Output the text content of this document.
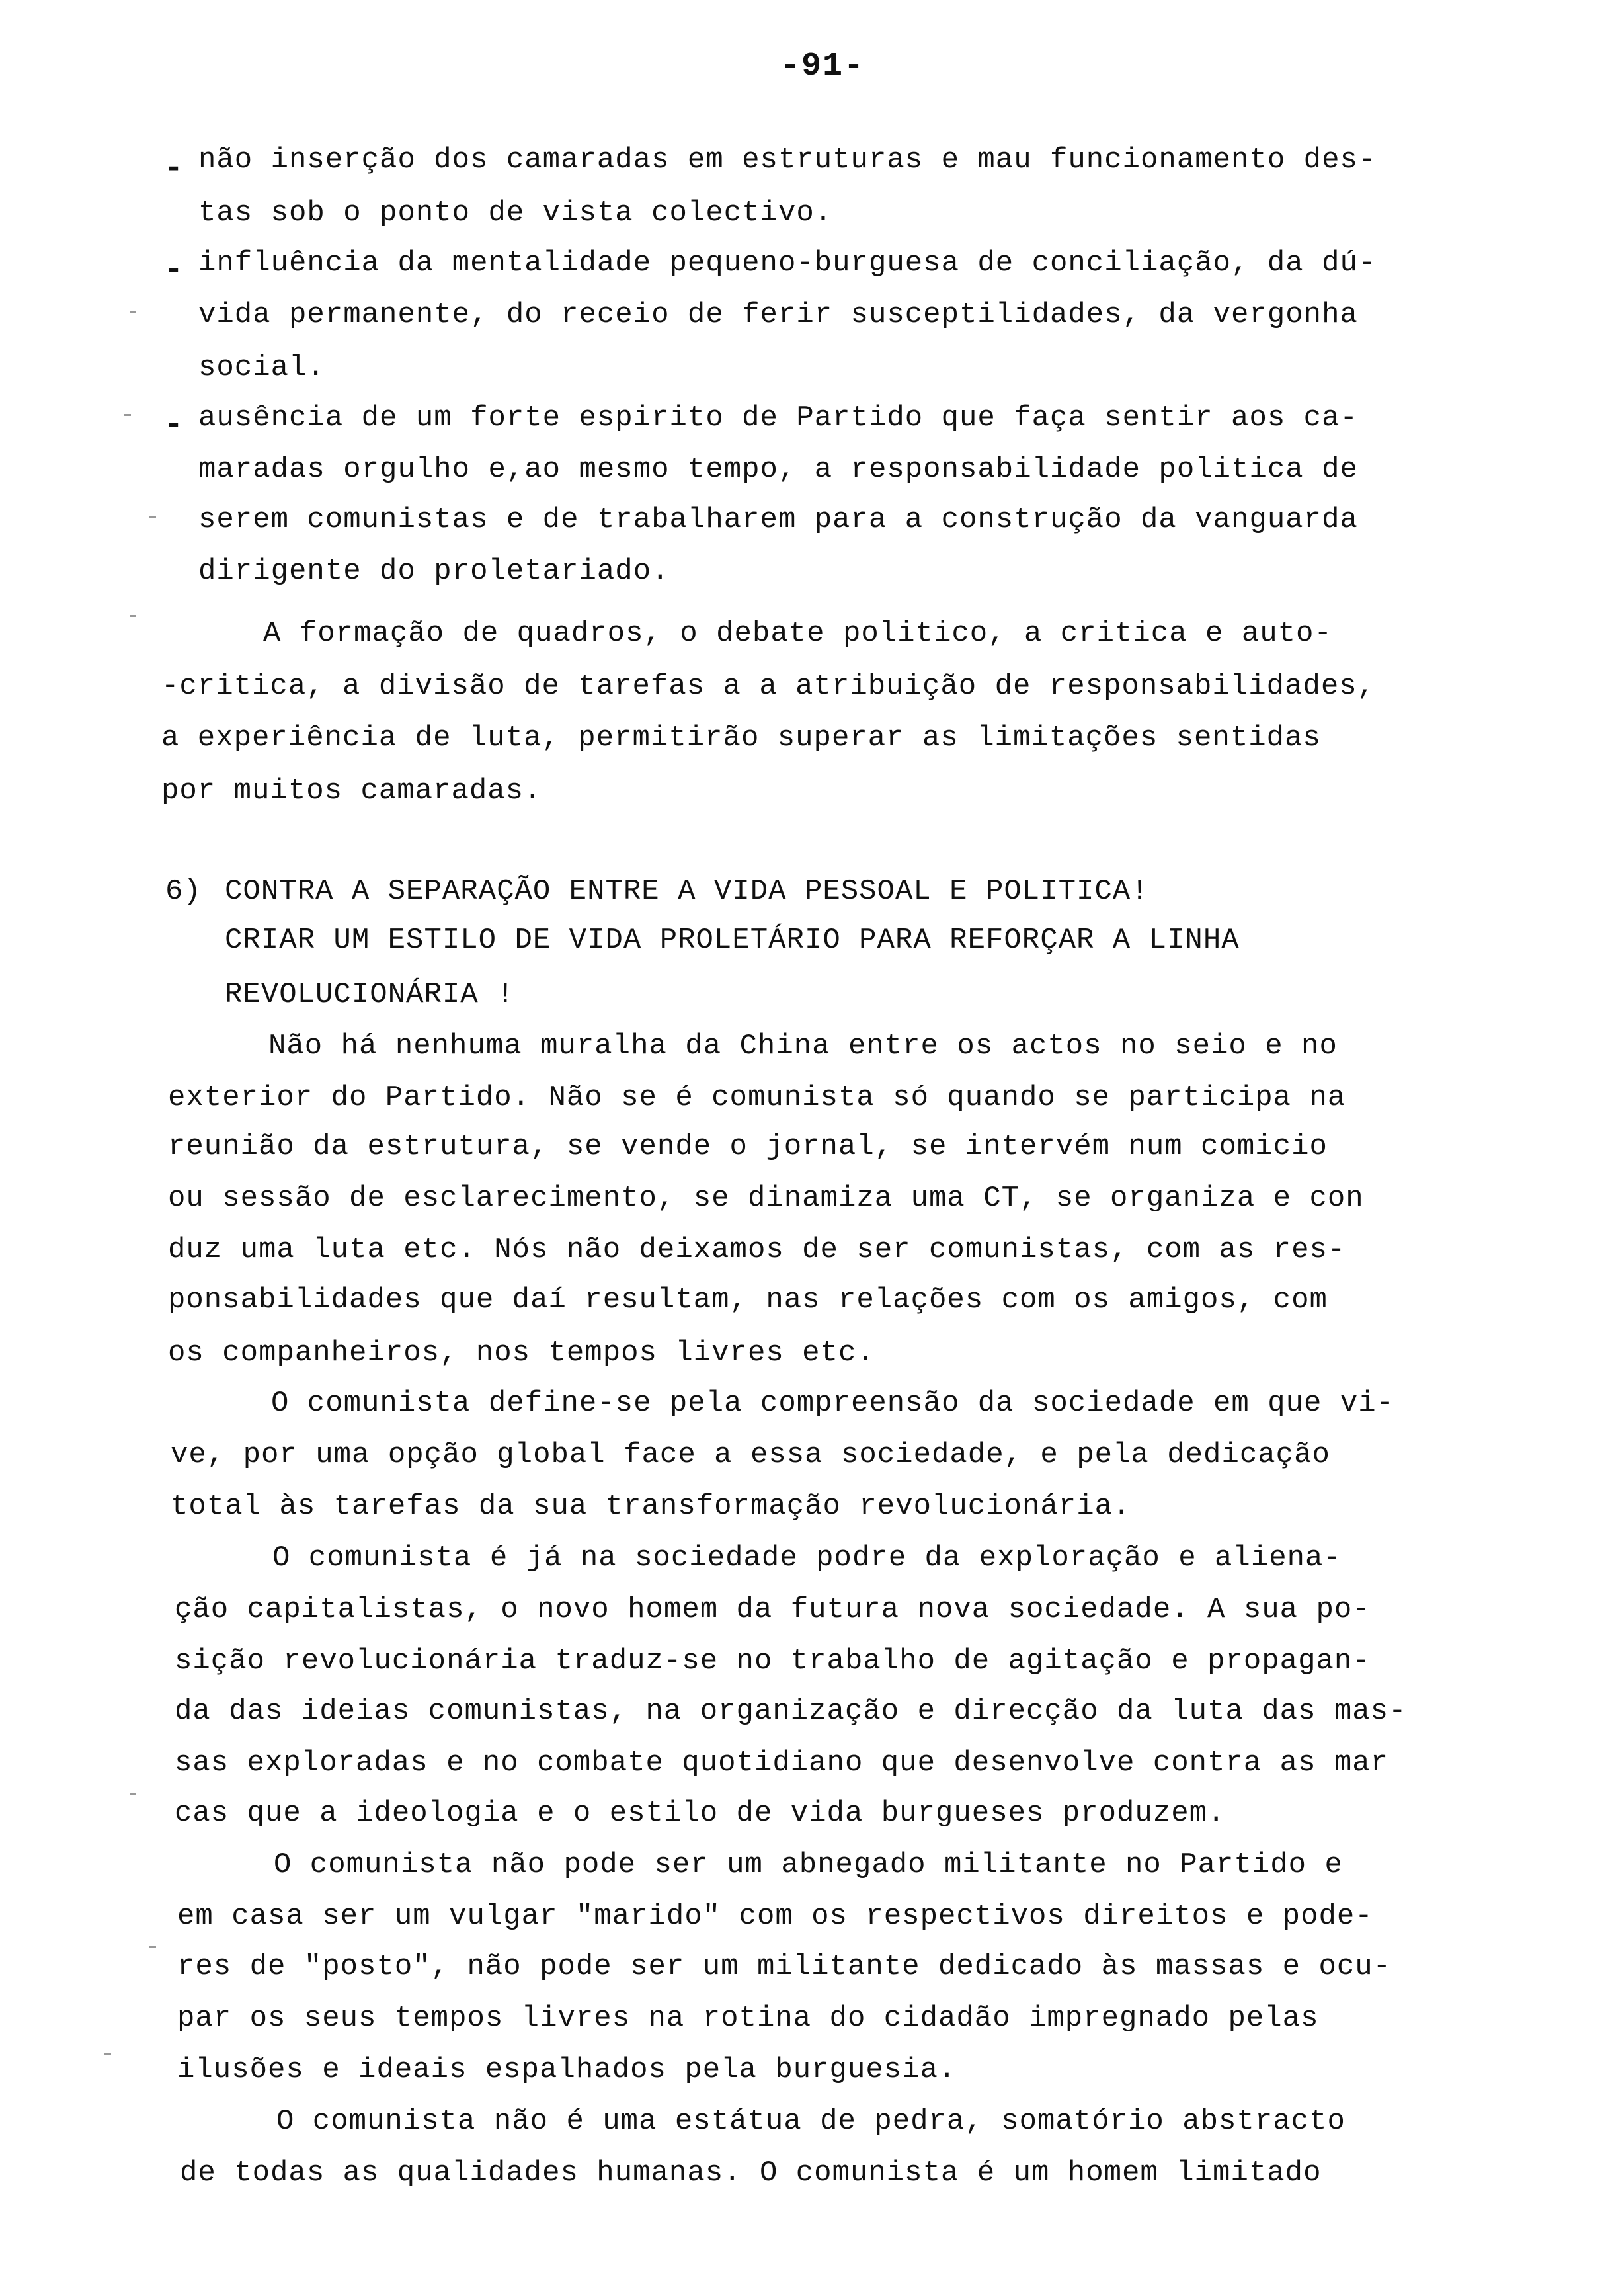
-91-
- não inserção dos camaradas em estruturas e mau funcionamento des-
tas sob o ponto de vista colectivo.
- influência da mentalidade pequeno-burguesa de conciliação, da dú-
vida permanente, do receio de ferir susceptilidades, da vergonha
social.
- ausência de um forte espirito de Partido que faça sentir aos ca-
maradas orgulho e,ao mesmo tempo, a responsabilidade politica de
serem comunistas e de trabalharem para a construção da vanguarda
dirigente do proletariado.
A formação de quadros, o debate politico, a critica e auto-
-critica, a divisão de tarefas a a atribuição de responsabilidades,
a experiência de luta, permitirão superar as limitações sentidas
por muitos camaradas.
6) CONTRA A SEPARAÇÃO ENTRE A VIDA PESSOAL E POLITICA!
CRIAR UM ESTILO DE VIDA PROLETÁRIO PARA REFORÇAR A LINHA
REVOLUCIONÁRIA !
Não há nenhuma muralha da China entre os actos no seio e no
exterior do Partido. Não se é comunista só quando se participa na
reunião da estrutura, se vende o jornal, se intervém num comicio
ou sessão de esclarecimento, se dinamiza uma CT, se organiza e con
duz uma luta etc. Nós não deixamos de ser comunistas, com as res-
ponsabilidades que daí resultam, nas relações com os amigos, com
os companheiros, nos tempos livres etc.
O comunista define-se pela compreensão da sociedade em que vi-
ve, por uma opção global face a essa sociedade, e pela dedicação
total às tarefas da sua transformação revolucionária.
O comunista é já na sociedade podre da exploração e aliena-
ção capitalistas, o novo homem da futura nova sociedade. A sua po-
sição revolucionária traduz-se no trabalho de agitação e propagan-
da das ideias comunistas, na organização e direcção da luta das mas-
sas exploradas e no combate quotidiano que desenvolve contra as mar
cas que a ideologia e o estilo de vida burgueses produzem.
O comunista não pode ser um abnegado militante no Partido e
em casa ser um vulgar "marido" com os respectivos direitos e pode-
res de "posto", não pode ser um militante dedicado às massas e ocu-
par os seus tempos livres na rotina do cidadão impregnado pelas
ilusões e ideais espalhados pela burguesia.
O comunista não é uma estátua de pedra, somatório abstracto
de todas as qualidades humanas. O comunista é um homem limitado
